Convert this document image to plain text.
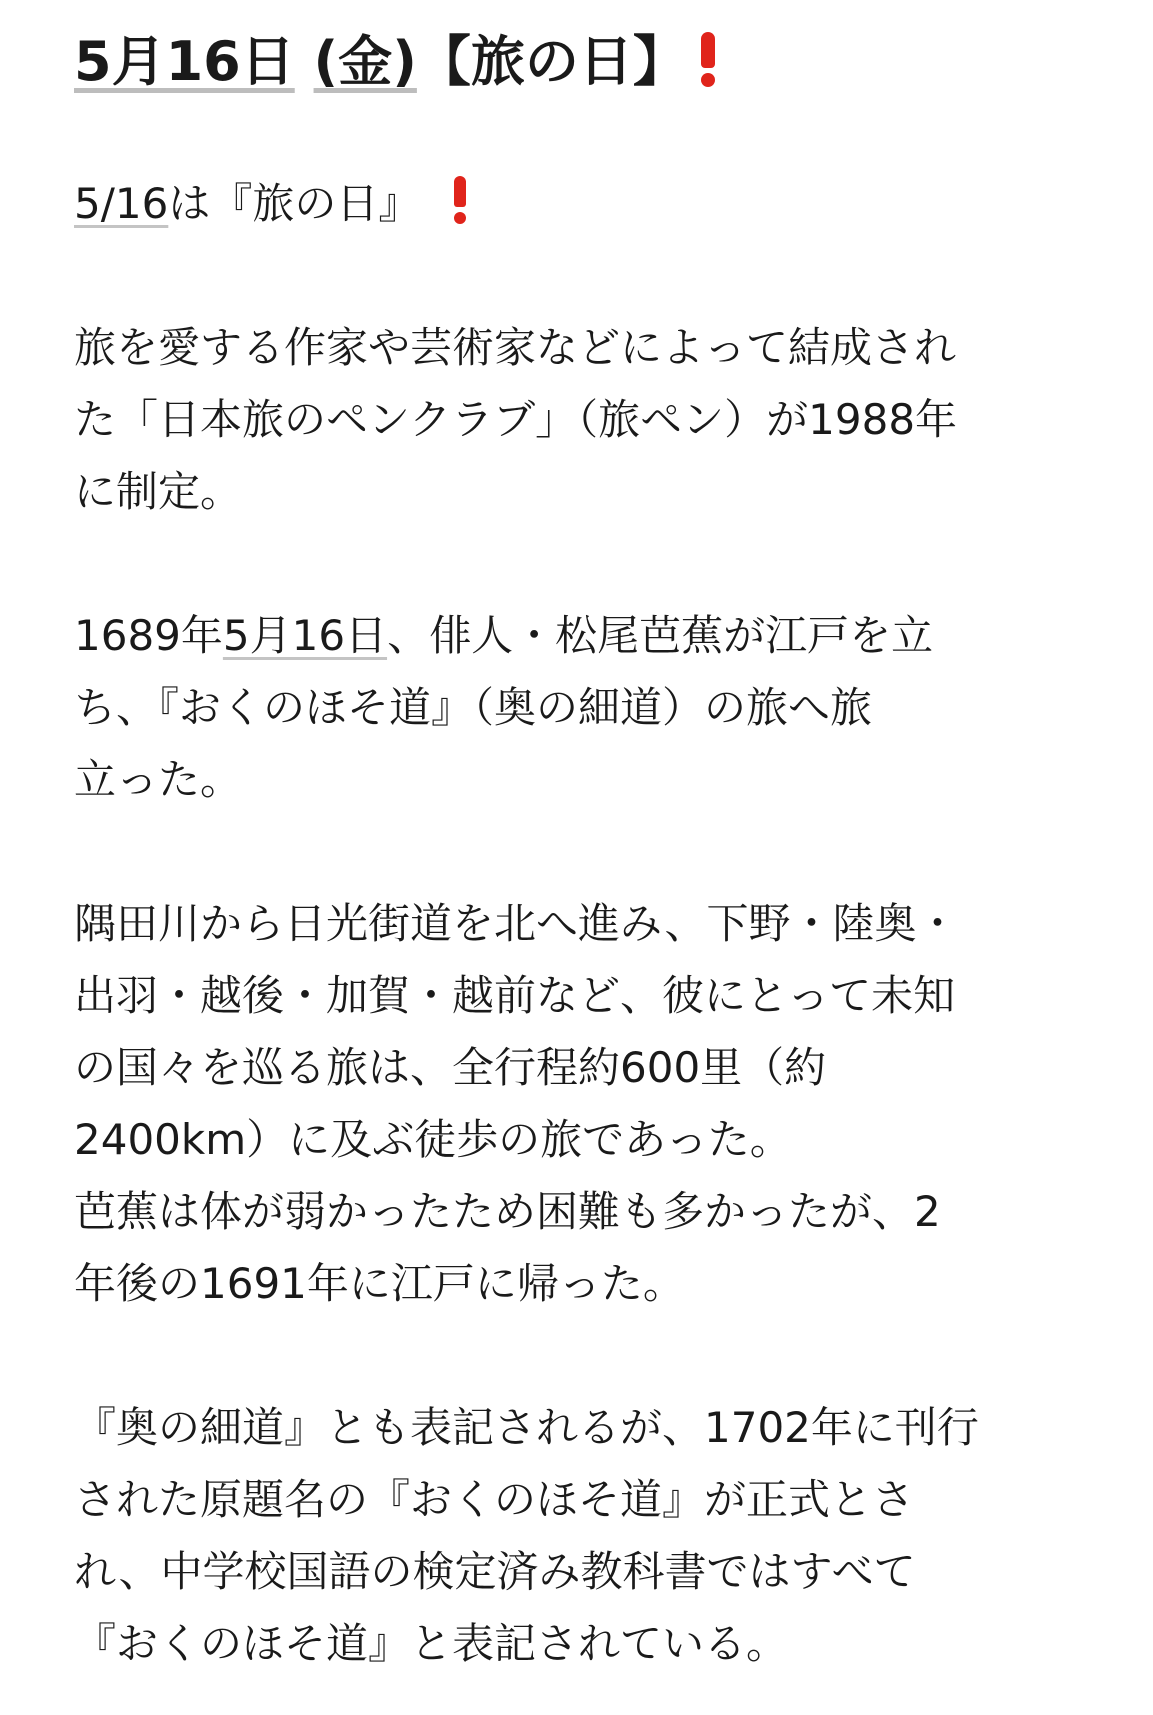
5月16日 (金)【旅の日】

5/16は『旅の日』

旅を愛する作家や芸術家などによって結成され
た「日本旅のペンクラブ」（旅ペン）が1988年
に制定。
1689年5月16日、俳人・松尾芭蕉が江戸を立
ち、『おくのほそ道』（奥の細道）の旅へ旅
立った。
隅田川から日光街道を北へ進み、下野・陸奥・
出羽・越後・加賀・越前など、彼にとって未知
の国々を巡る旅は、全行程約600里（約
2400km）に及ぶ徒歩の旅であった。
芭蕉は体が弱かったため困難も多かったが、2
年後の1691年に江戸に帰った。
『奥の細道』とも表記されるが、1702年に刊行
された原題名の『おくのほそ道』が正式とさ
れ、中学校国語の検定済み教科書ではすべて
『おくのほそ道』と表記されている。
